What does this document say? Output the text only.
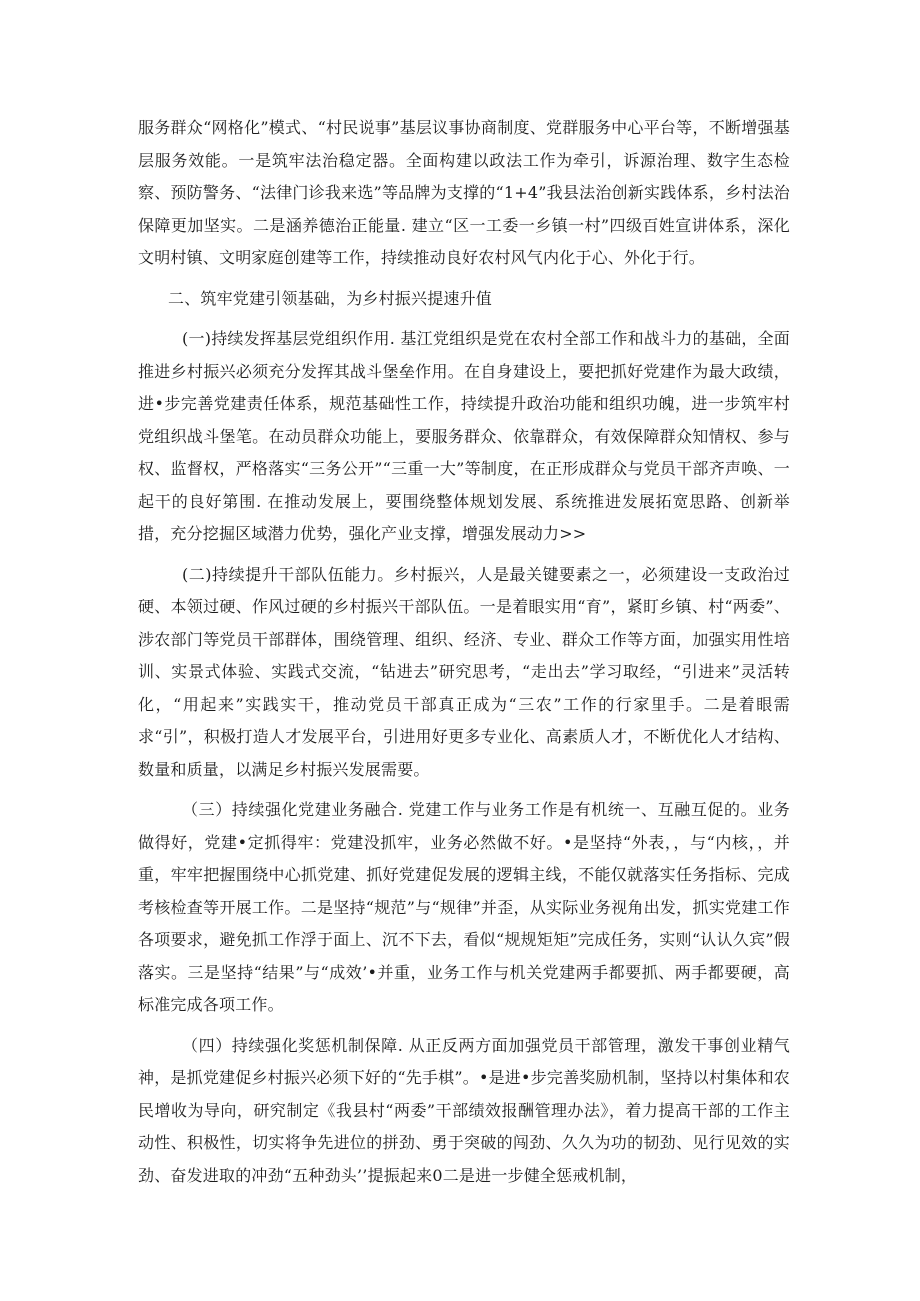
服务群众“网格化”模式、“村民说事”基层议事协商制度、党群服务中心平台等，不断增强基层服务效能。一是筑牢法治稳定器。全面构建以政法工作为牵引，诉源治理、数字生态检察、预防警务、“法律门诊我来选”等品牌为支撑的“1+4”我县法治创新实践体系，乡村法治保障更加坚实。二是涵养德治正能量. 建立“区一工委一乡镇一村”四级百姓宣讲体系，深化文明村镇、文明家庭创建等工作，持续推动良好农村风气内化于心、外化于行。

二、筑牢党建引领基础，为乡村振兴提速升值

(一)持续发挥基层党组织作用. 基江党组织是党在农村全部工作和战斗力的基础，全面推进乡村振兴必须充分发挥其战斗堡垒作用。在自身建设上，要把抓好党建作为最大政绩，进•步完善党建责任体系，规范基础性工作，持续提升政治功能和组织功魄，进一步筑牢村党组织战斗堡笔。在动员群众功能上，要服务群众、依靠群众，有效保障群众知情权、参与权、监督权，严格落实“三务公开”“三重一大”等制度，在正形成群众与党员干部齐声唤、一起干的良好第围. 在推动发展上，要围绕整体规划发展、系统推进发展拓宽思路、创新举措，充分挖掘区域潜力优势，强化产业支撑，增强发展动力>>

(二)持续提升干部队伍能力。乡村振兴，人是最关键要素之一，必须建设一支政治过硬、本领过硬、作风过硬的乡村振兴干部队伍。一是着眼实用“育”，紧盯乡镇、村“两委”、涉农部门等党员干部群体，围绕管理、组织、经济、专业、群众工作等方面，加强实用性培训、实景式体验、实践式交流，“钻进去”研究思考，“走出去”学习取经，“引进来”灵活转化，“用起来”实践实干，推动党员干部真正成为“三农”工作的行家里手。二是着眼需求“引”，积极打造人才发展平台，引进用好更多专业化、高素质人才，不断优化人才结构、数量和质量，以满足乡村振兴发展需要。

（三）持续强化党建业务融合. 党建工作与业务工作是有机统一、互融互促的。业务做得好，党建•定抓得牢：党建没抓牢，业务必然做不好。•是坚持“外表，，与“内核，，并重，牢牢把握围绕中心抓党建、抓好党建促发展的逻辑主线，不能仅就落实任务指标、完成考核检查等开展工作。二是坚持“规范”与“规律”并歪，从实际业务视角出发，抓实党建工作各项要求，避免抓工作浮于面上、沉不下去，看似“规规矩矩”完成任务，实则“认认久宾”假落实。三是坚持“结果”与“成效’•并重，业务工作与机关党建两手都要抓、两手都要硬，高标准完成各项工作。

（四）持续强化奖惩机制保障. 从正反两方面加强党员干部管理，激发干事创业精气神，是抓党建促乡村振兴必须下好的“先手棋”。•是进•步完善奖励机制，坚持以村集体和农民增收为导向，研究制定《我县村“两委”干部绩效报酬管理办法》，着力提高干部的工作主动性、积极性，切实将争先进位的拼劲、勇于突破的闯劲、久久为功的韧劲、见行见效的实劲、奋发进取的冲劲“五种劲头’’提振起来0二是进一步健全惩戒机制，
